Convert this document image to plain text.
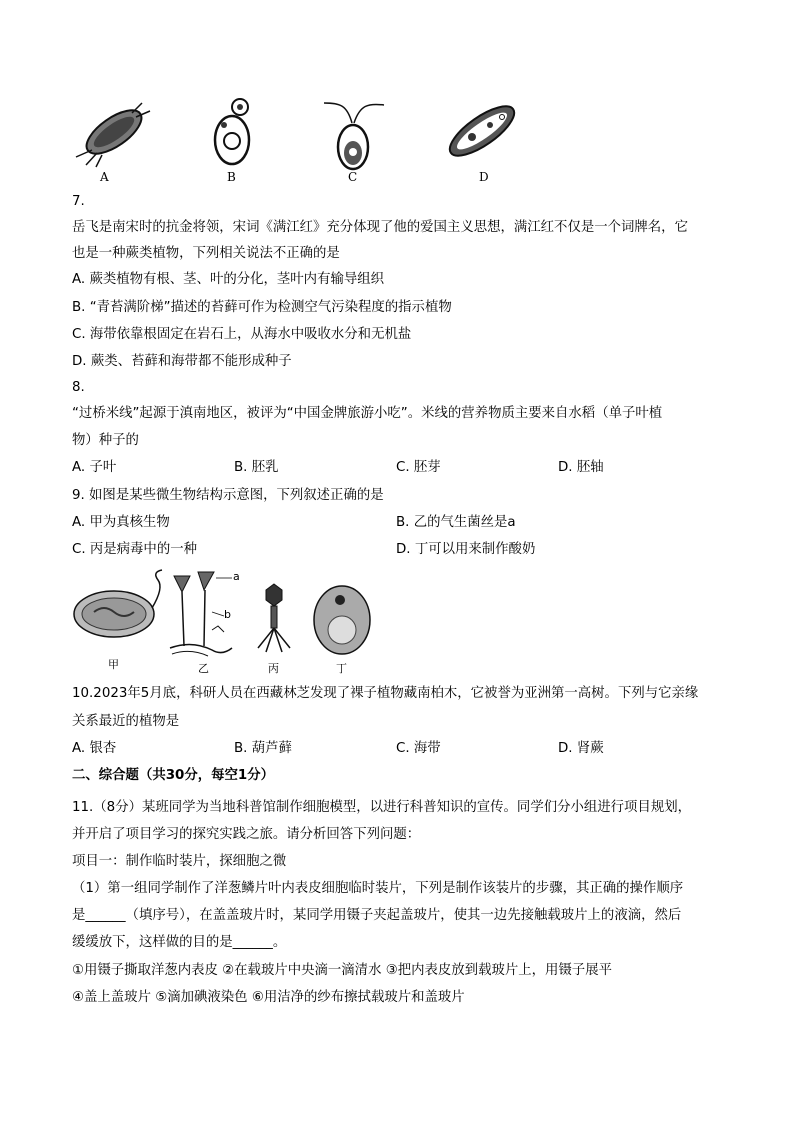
A	B	C	D
7.
岳飞是南宋时的抗金将领，宋词《满江红》充分体现了他的爱国主义思想，满江红不仅是一个词牌名，它
也是一种蕨类植物，下列相关说法不正确的是
A. 蕨类植物有根、茎、叶的分化，茎叶内有输导组织
B. “青苔满阶梯”描述的苔藓可作为检测空气污染程度的指示植物
C. 海带依靠根固定在岩石上，从海水中吸收水分和无机盐
D. 蕨类、苔藓和海带都不能形成种子
8.
“过桥米线”起源于滇南地区，被评为“中国金牌旅游小吃”。米线的营养物质主要来自水稻（单子叶植
物）种子的
A. 子叶	B. 胚乳	C. 胚芽	D. 胚轴
9. 如图是某些微生物结构示意图，下列叙述正确的是
A. 甲为真核生物	B. 乙的气生菌丝是a
C. 丙是病毒中的一种	D. 丁可以用来制作酸奶
a
b
甲	乙	丙	丁
10.2023年5月底，科研人员在西藏林芝发现了裸子植物藏南柏木，它被誉为亚洲第一高树。下列与它亲缘
关系最近的植物是
A. 银杏	B. 葫芦藓	C. 海带	D. 肾蕨
二、综合题（共30分，每空1分）
11.（8分）某班同学为当地科普馆制作细胞模型，以进行科普知识的宣传。同学们分小组进行项目规划，
并开启了项目学习的探究实践之旅。请分析回答下列问题：
项目一：制作临时装片，探细胞之微
（1）第一组同学制作了洋葱鳞片叶内表皮细胞临时装片，下列是制作该装片的步骤，其正确的操作顺序
是______（填序号），在盖盖玻片时，某同学用镊子夹起盖玻片，使其一边先接触载玻片上的液滴，然后
缓缓放下，这样做的目的是______。
①用镊子撕取洋葱内表皮 ②在载玻片中央滴一滴清水 ③把内表皮放到载玻片上，用镊子展平
④盖上盖玻片 ⑤滴加碘液染色 ⑥用洁净的纱布擦拭载玻片和盖玻片
